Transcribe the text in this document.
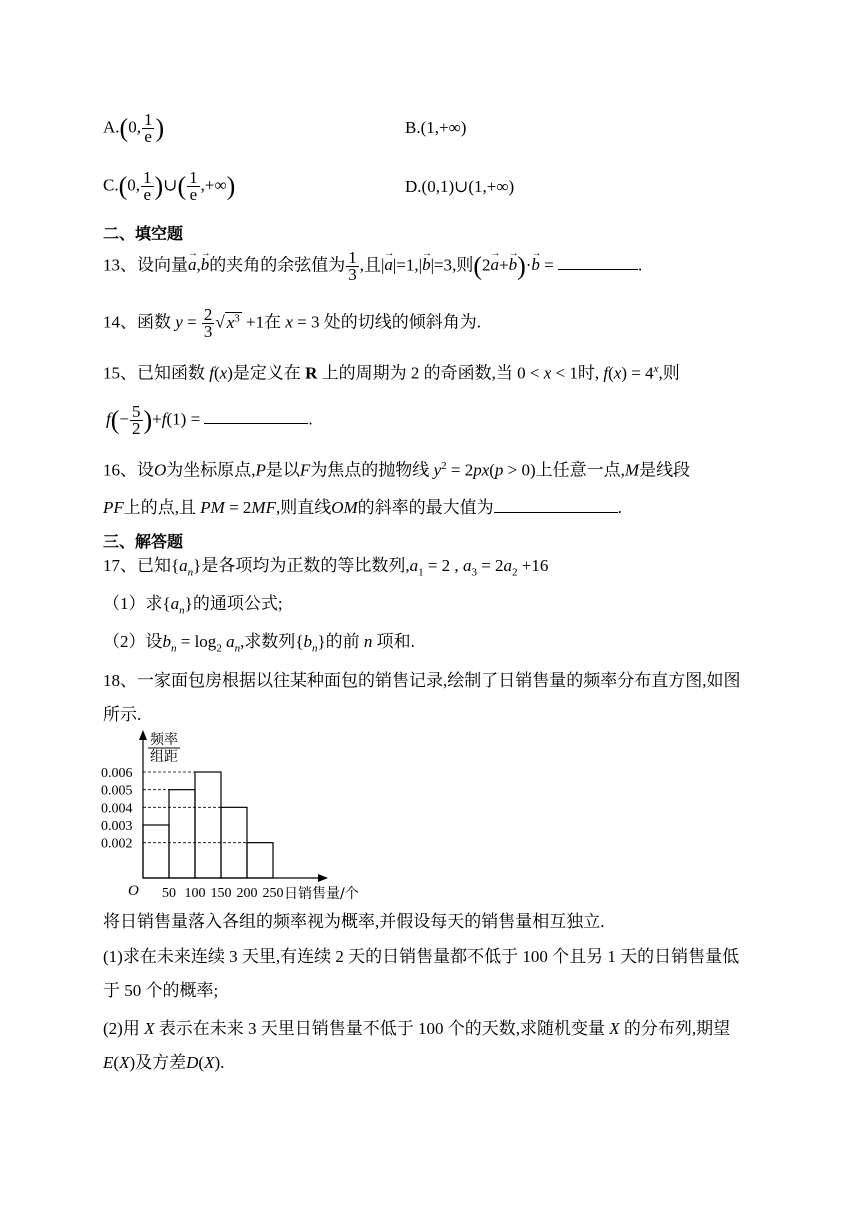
A.(0, $\frac{1}{e}$ )	B.(1,+∞)
C.(0, $\frac{1}{e}$ )∪( $\frac{1}{e}$ ,+∞)	D.(0,1)∪(1,+∞)
二、填空题
13、设向量→ a,→ b的夹角的余弦值为 $\frac{1}{3}$ ,且|→ a|=1,|→ b|=3,则(2→ a+→ b)·→ b =	.
14、函数 $y = \frac{2}{3}$ √ $x^3 +1$在 x = 3 处的切线的倾斜角为.
15、已知函数 f(x)是定义在 R 上的周期为 2 的奇函数,当 0 < x < 1时, $f(x) = 4^x$,则
$f(- \frac{5}{2} )+f(1)$ =	.
16、设O为坐标原点,P是以F为焦点的抛物线 $y^2 = 2px(p > 0)$上任意一点,M是线段
PF上的点,且 PM = 2MF,则直线OM的斜率的最大值为	.
三、解答题
17、已知$\{a_n\}$是各项均为正数的等比数列$,a_1 = 2$ , $a_3 = 2a_2 +16$
（1）求$\{a_n\}$的通项公式;
（2）设$b_n = \log_2 a_n$,求数列$\{b_n\}$的前 n 项和.
18、一家面包房根据以往某种面包的销售记录,绘制了日销售量的频率分布直方图,如图
所示.
频率
组距
O
0.006
0.005
0.004
0.003
0.002
50 100 150 200 250 日销售量/个
将日销售量落入各组的频率视为概率,并假设每天的销售量相互独立.
(1)求在未来连续 3 天里,有连续 2 天的日销售量都不低于 100 个且另 1 天的日销售量低
于 50 个的概率;
(2)用 X 表示在未来 3 天里日销售量不低于 100 个的天数,求随机变量 X 的分布列,期望
E(X)及方差D(X).
